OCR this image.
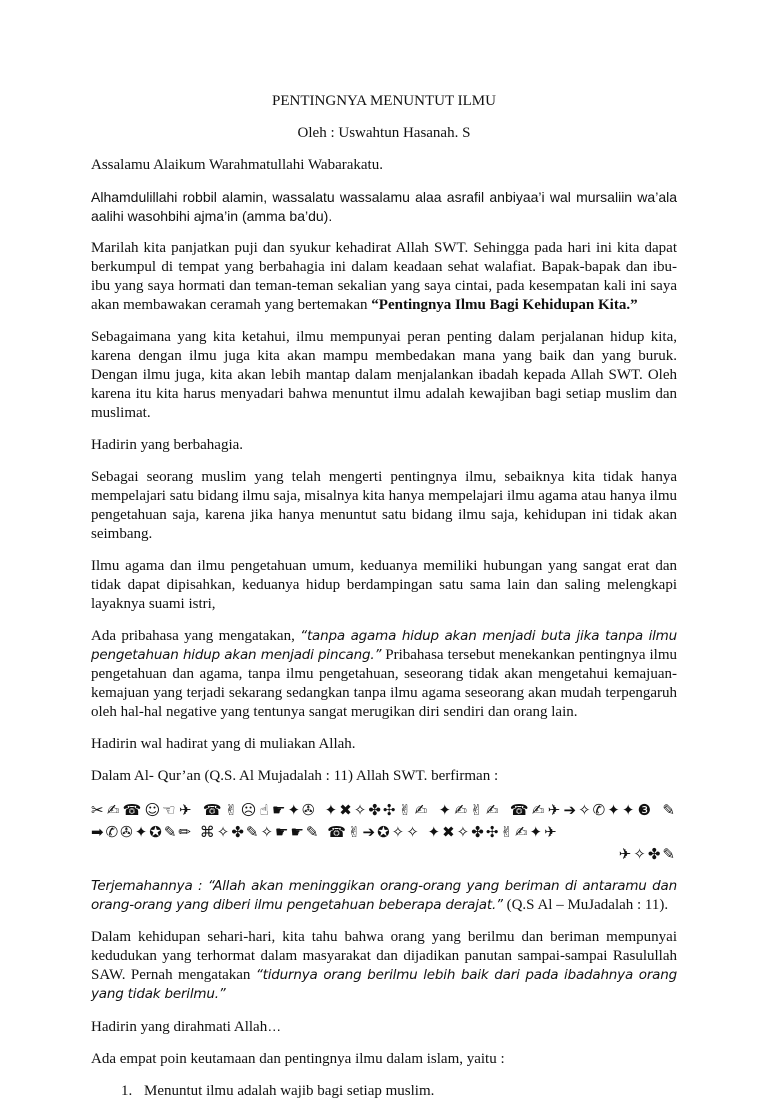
PENTINGNYA MENUNTUT ILMU

Oleh : Uswahtun Hasanah. S

Assalamu Alaikum Warahmatullahi Wabarakatu.

Alhamdulillahi robbil alamin, wassalatu wassalamu alaa asrafil anbiyaa’i wal mursaliin wa’ala aalihi wasohbihi ajma’in (amma ba’du).

Marilah kita panjatkan puji dan syukur kehadirat Allah SWT. Sehingga pada hari ini kita dapat berkumpul di tempat yang berbahagia ini dalam keadaan sehat walafiat. Bapak-bapak dan ibu-ibu yang saya hormati dan teman-teman sekalian yang saya cintai, pada kesempatan kali ini saya akan membawakan ceramah yang bertemakan “Pentingnya Ilmu Bagi Kehidupan Kita.”

Sebagaimana yang kita ketahui, ilmu mempunyai peran penting dalam perjalanan hidup kita, karena dengan ilmu juga kita akan mampu membedakan mana yang baik dan yang buruk. Dengan ilmu juga, kita akan lebih mantap dalam menjalankan ibadah kepada Allah SWT. Oleh karena itu kita harus menyadari bahwa menuntut ilmu adalah kewajiban bagi setiap muslim dan muslimat.

Hadirin yang berbahagia.

Sebagai seorang muslim yang telah mengerti pentingnya ilmu, sebaiknya kita tidak hanya mempelajari satu bidang ilmu saja, misalnya kita hanya mempelajari ilmu agama atau hanya ilmu pengetahuan saja, karena jika hanya menuntut satu bidang ilmu saja, kehidupan ini tidak akan seimbang.

Ilmu agama dan ilmu pengetahuan umum, keduanya memiliki hubungan yang sangat erat dan tidak dapat dipisahkan, keduanya hidup berdampingan satu sama lain dan saling melengkapi layaknya suami istri,

Ada pribahasa yang mengatakan, “tanpa agama hidup akan menjadi buta jika tanpa ilmu pengetahuan hidup akan menjadi pincang.” Pribahasa tersebut menekankan pentingnya ilmu pengetahuan dan agama, tanpa ilmu pengetahuan, seseorang tidak akan mengetahui kemajuan-kemajuan yang terjadi sekarang sedangkan tanpa ilmu agama seseorang akan mudah terpengaruh oleh hal-hal negative yang tentunya sangat merugikan diri sendiri dan orang lain.

Hadirin wal hadirat yang di muliakan Allah.

Dalam Al- Qur’an (Q.S. Al Mujadalah : 11) Allah SWT. berfirman :

✂✍☎☺☜✈ ☎✌☹☝☛✦✇ ✦✖✧✤✣✌✍ ✦✍✌✍ ☎✍✈➔✧✆✦✦❸ ✎ ➡✆✇✦✪✎✏ ⌘✧✤✎✧☛☛✎ ☎✌➔✪✧✧ ✦✖✧✤✣✌✍✦✈
✈✧✤✎

Terjemahannya : “Allah akan meninggikan orang-orang yang beriman di antaramu dan orang-orang yang diberi ilmu pengetahuan beberapa derajat.” (Q.S Al – MuJadalah : 11).

Dalam kehidupan sehari-hari, kita tahu bahwa orang yang berilmu dan beriman mempunyai kedudukan yang terhormat dalam masyarakat dan dijadikan panutan sampai-sampai Rasulullah SAW. Pernah mengatakan “tidurnya orang berilmu lebih baik dari pada ibadahnya orang yang tidak berilmu.”

Hadirin yang dirahmati Allah…

Ada empat poin keutamaan dan pentingnya ilmu dalam islam, yaitu :

1. Menuntut ilmu adalah wajib bagi setiap muslim.
